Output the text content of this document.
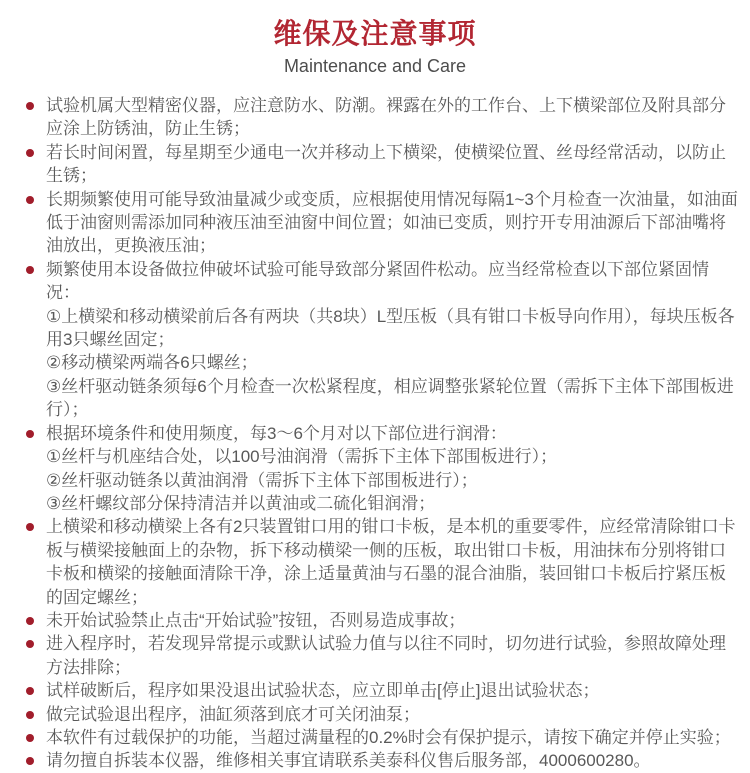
维保及注意事项
Maintenance and Care

试验机属大型精密仪器，应注意防水、防潮。裸露在外的工作台、上下横梁部位及附具部分应涂上防锈油，防止生锈；

若长时间闲置，每星期至少通电一次并移动上下横梁，使横梁位置、丝母经常活动，以防止生锈；

长期频繁使用可能导致油量减少或变质，应根据使用情况每隔1~3个月检查一次油量，如油面低于油窗则需添加同种液压油至油窗中间位置；如油已变质，则拧开专用油源后下部油嘴将油放出，更换液压油；

频繁使用本设备做拉伸破坏试验可能导致部分紧固件松动。应当经常检查以下部位紧固情况：

①上横梁和移动横梁前后各有两块（共8块）L型压板（具有钳口卡板导向作用），每块压板各用3只螺丝固定；

②移动横梁两端各6只螺丝；

③丝杆驱动链条须每6个月检查一次松紧程度，相应调整张紧轮位置（需拆下主体下部围板进行）；

根据环境条件和使用频度，每3～6个月对以下部位进行润滑：

①丝杆与机座结合处，以100号油润滑（需拆下主体下部围板进行）；

②丝杆驱动链条以黄油润滑（需拆下主体下部围板进行）；

③丝杆螺纹部分保持清洁并以黄油或二硫化钼润滑；

上横梁和移动横梁上各有2只装置钳口用的钳口卡板，是本机的重要零件，应经常清除钳口卡板与横梁接触面上的杂物，拆下移动横梁一侧的压板，取出钳口卡板，用油抹布分别将钳口卡板和横梁的接触面清除干净，涂上适量黄油与石墨的混合油脂，装回钳口卡板后拧紧压板的固定螺丝；

未开始试验禁止点击“开始试验”按钮，否则易造成事故；

进入程序时，若发现异常提示或默认试验力值与以往不同时，切勿进行试验，参照故障处理方法排除；

试样破断后，程序如果没退出试验状态，应立即单击[停止]退出试验状态；

做完试验退出程序，油缸须落到底才可关闭油泵；

本软件有过载保护的功能，当超过满量程的0.2%时会有保护提示，请按下确定并停止实验；

请勿擅自拆装本仪器，维修相关事宜请联系美泰科仪售后服务部，4000600280。
